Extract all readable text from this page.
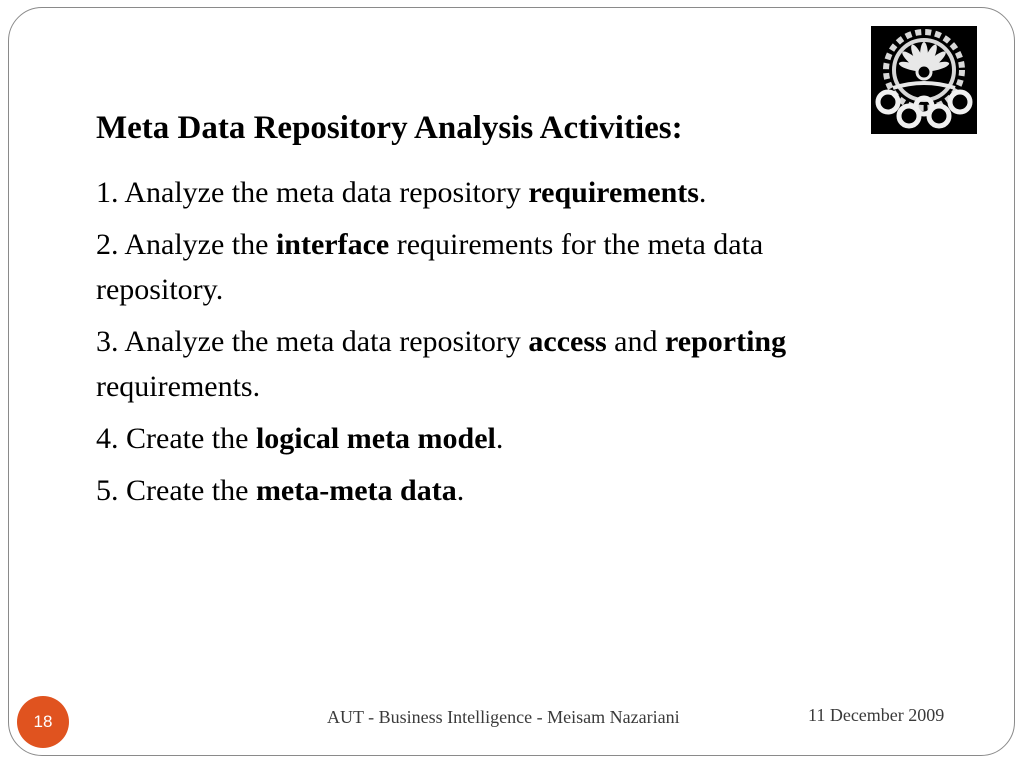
Meta Data Repository Analysis Activities:
1. Analyze the meta data repository requirements.
2. Analyze the interface requirements for the meta data
repository.
3. Analyze the meta data repository access and reporting
requirements.
4. Create the logical meta model.
5. Create the meta-meta data.
18	AUT - Business Intelligence - Meisam Nazariani	11 December 2009
